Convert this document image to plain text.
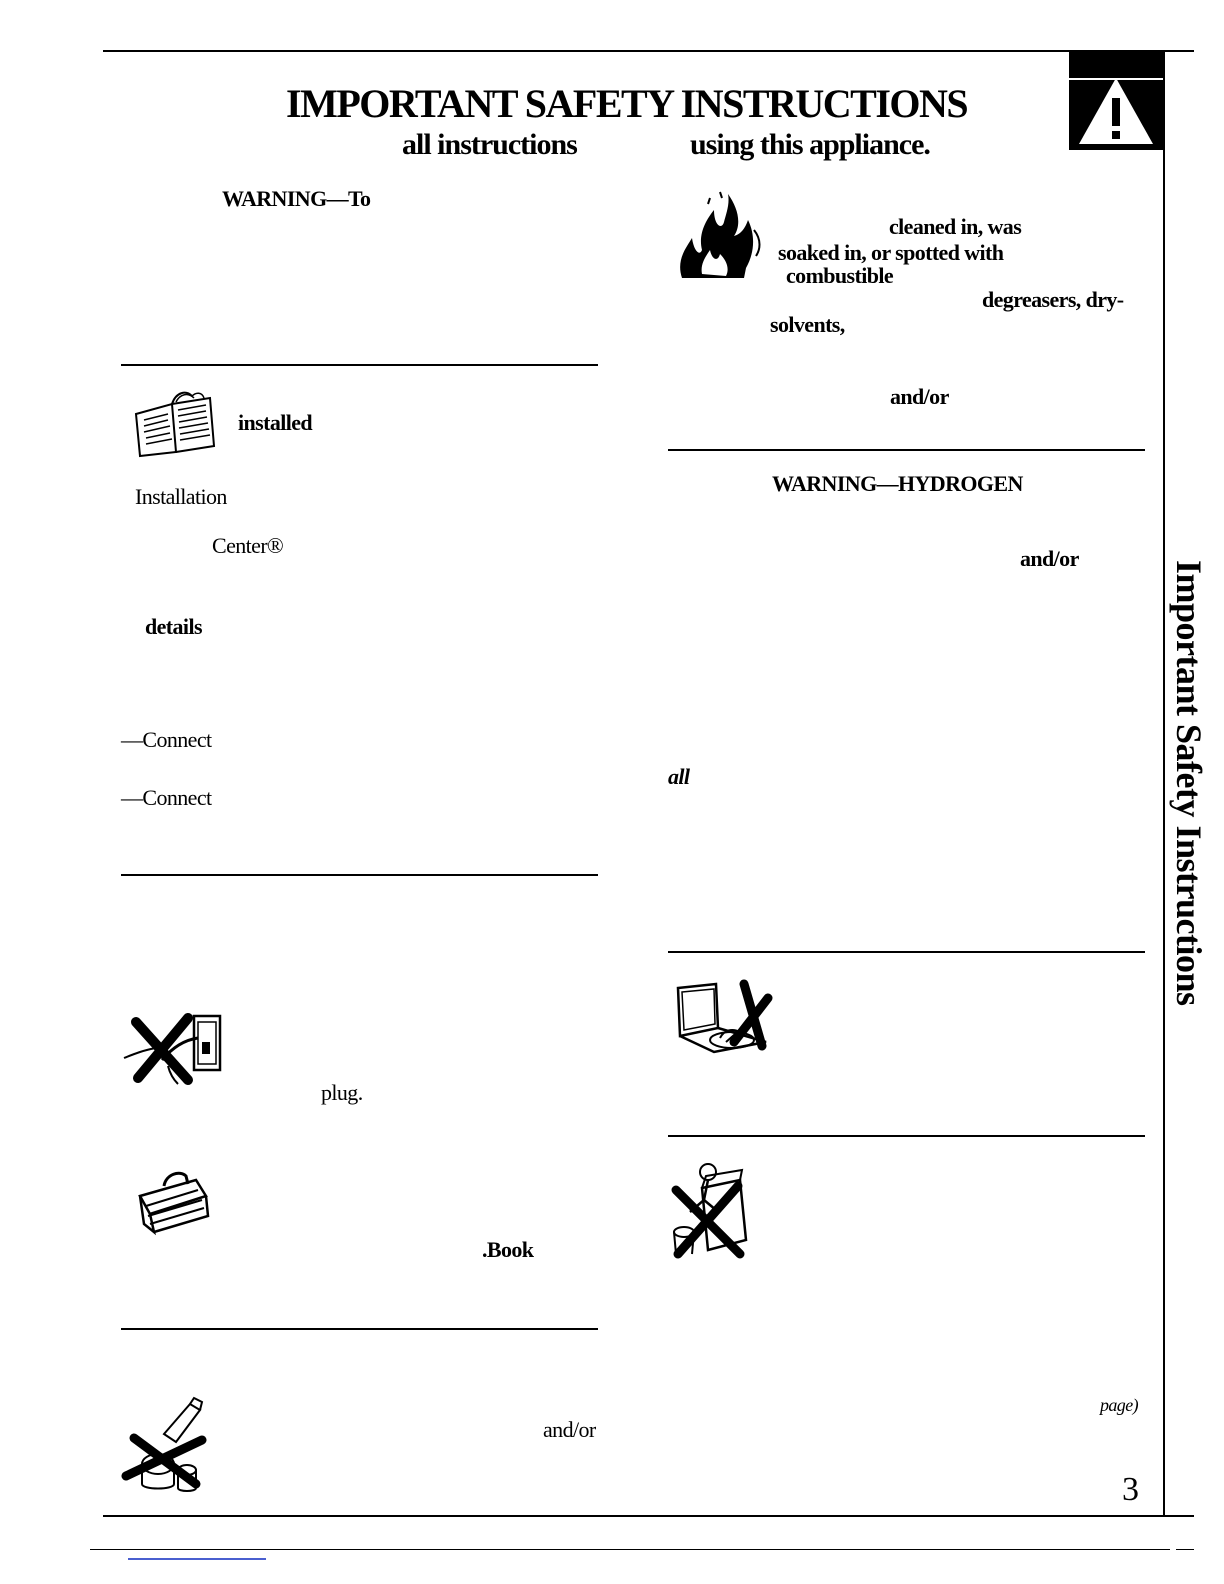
IMPORTANT SAFETY INSTRUCTIONS
all instructions	using this appliance.
Important Safety Instructions
WARNING—To
installed
Installation
Center®
details
—Connect
—Connect
plug.
.Book
and/or
cleaned in, was
soaked in, or spotted with
combustible
degreasers, dry-
solvents,
and/or
WARNING—HYDROGEN
and/or
all
page)
3
